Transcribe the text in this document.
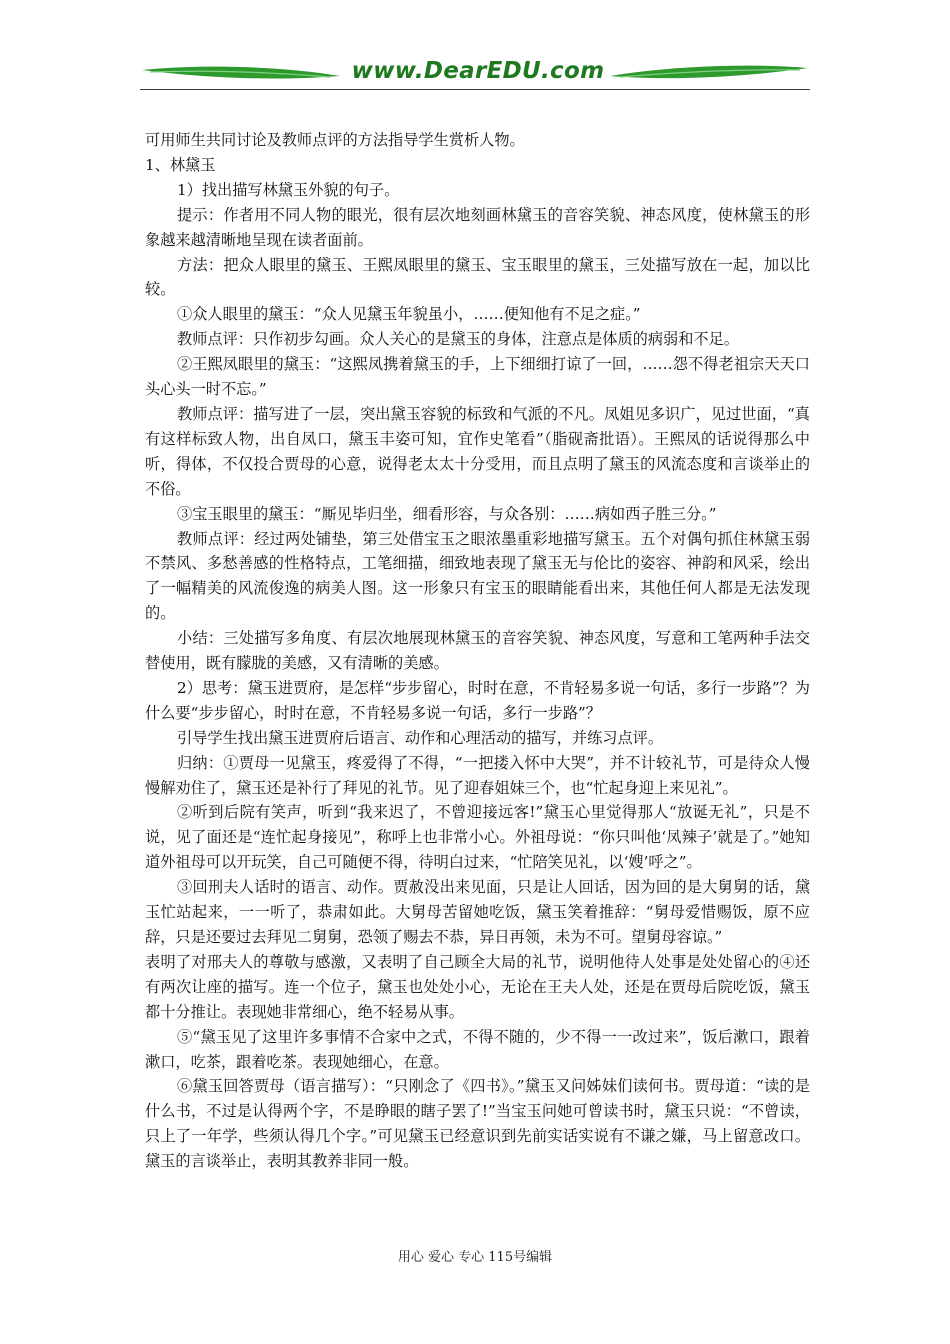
www.DearEDU.com

可用师生共同讨论及教师点评的方法指导学生赏析人物。

1、林黛玉

1）找出描写林黛玉外貌的句子。

提示：作者用不同人物的眼光，很有层次地刻画林黛玉的音容笑貌、神态风度，使林黛玉的形象越来越清晰地呈现在读者面前。

方法：把众人眼里的黛玉、王熙凤眼里的黛玉、宝玉眼里的黛玉，三处描写放在一起，加以比较。

①众人眼里的黛玉：“众人见黛玉年貌虽小，……便知他有不足之症。”

教师点评：只作初步勾画。众人关心的是黛玉的身体，注意点是体质的病弱和不足。

②王熙凤眼里的黛玉：“这熙凤携着黛玉的手，上下细细打谅了一回，……怨不得老祖宗天天口头心头一时不忘。”

教师点评：描写进了一层，突出黛玉容貌的标致和气派的不凡。凤姐见多识广，见过世面，“真有这样标致人物，出自凤口，黛玉丰姿可知，宜作史笔看”（脂砚斋批语）。王熙凤的话说得那么中听，得体，不仅投合贾母的心意，说得老太太十分受用，而且点明了黛玉的风流态度和言谈举止的不俗。

③宝玉眼里的黛玉：“厮见毕归坐，细看形容，与众各别：……病如西子胜三分。”

教师点评：经过两处铺垫，第三处借宝玉之眼浓墨重彩地描写黛玉。五个对偶句抓住林黛玉弱不禁风、多愁善感的性格特点，工笔细描，细致地表现了黛玉无与伦比的姿容、神韵和风采，绘出了一幅精美的风流俊逸的病美人图。这一形象只有宝玉的眼睛能看出来，其他任何人都是无法发现的。

小结：三处描写多角度、有层次地展现林黛玉的音容笑貌、神态风度，写意和工笔两种手法交替使用，既有朦胧的美感，又有清晰的美感。

2）思考：黛玉进贾府，是怎样“步步留心，时时在意，不肯轻易多说一句话，多行一步路”？为什么要“步步留心，时时在意，不肯轻易多说一句话，多行一步路”？

引导学生找出黛玉进贾府后语言、动作和心理活动的描写，并练习点评。

归纳：①贾母一见黛玉，疼爱得了不得，“一把搂入怀中大哭”，并不计较礼节，可是待众人慢慢解劝住了，黛玉还是补行了拜见的礼节。见了迎春姐妹三个，也“忙起身迎上来见礼”。

②听到后院有笑声，听到“我来迟了，不曾迎接远客!”黛玉心里觉得那人“放诞无礼”，只是不说，见了面还是“连忙起身接见”，称呼上也非常小心。外祖母说：“你只叫他‘凤辣子’就是了。”她知道外祖母可以开玩笑，自己可随便不得，待明白过来，“忙陪笑见礼，以‘嫂’呼之”。

③回刑夫人话时的语言、动作。贾赦没出来见面，只是让人回话，因为回的是大舅舅的话，黛玉忙站起来，一一听了，恭肃如此。大舅母苦留她吃饭，黛玉笑着推辞：“舅母爱惜赐饭，原不应辞，只是还要过去拜见二舅舅，恐领了赐去不恭，异日再领，未为不可。望舅母容谅。”

表明了对邢夫人的尊敬与感激，又表明了自己顾全大局的礼节，说明他待人处事是处处留心的④还有两次让座的描写。连一个位子，黛玉也处处小心，无论在王夫人处，还是在贾母后院吃饭，黛玉都十分推让。表现她非常细心，绝不轻易从事。

⑤“黛玉见了这里许多事情不合家中之式，不得不随的，少不得一一改过来”，饭后漱口，跟着漱口，吃茶，跟着吃茶。表现她细心，在意。

⑥黛玉回答贾母（语言描写）：“只刚念了《四书》。”黛玉又问姊妹们读何书。贾母道：“读的是什么书，不过是认得两个字，不是睁眼的瞎子罢了!”当宝玉问她可曾读书时，黛玉只说：“不曾读，只上了一年学，些须认得几个字。”可见黛玉已经意识到先前实话实说有不谦之嫌，马上留意改口。黛玉的言谈举止，表明其教养非同一般。

用心 爱心 专心 115号编辑
